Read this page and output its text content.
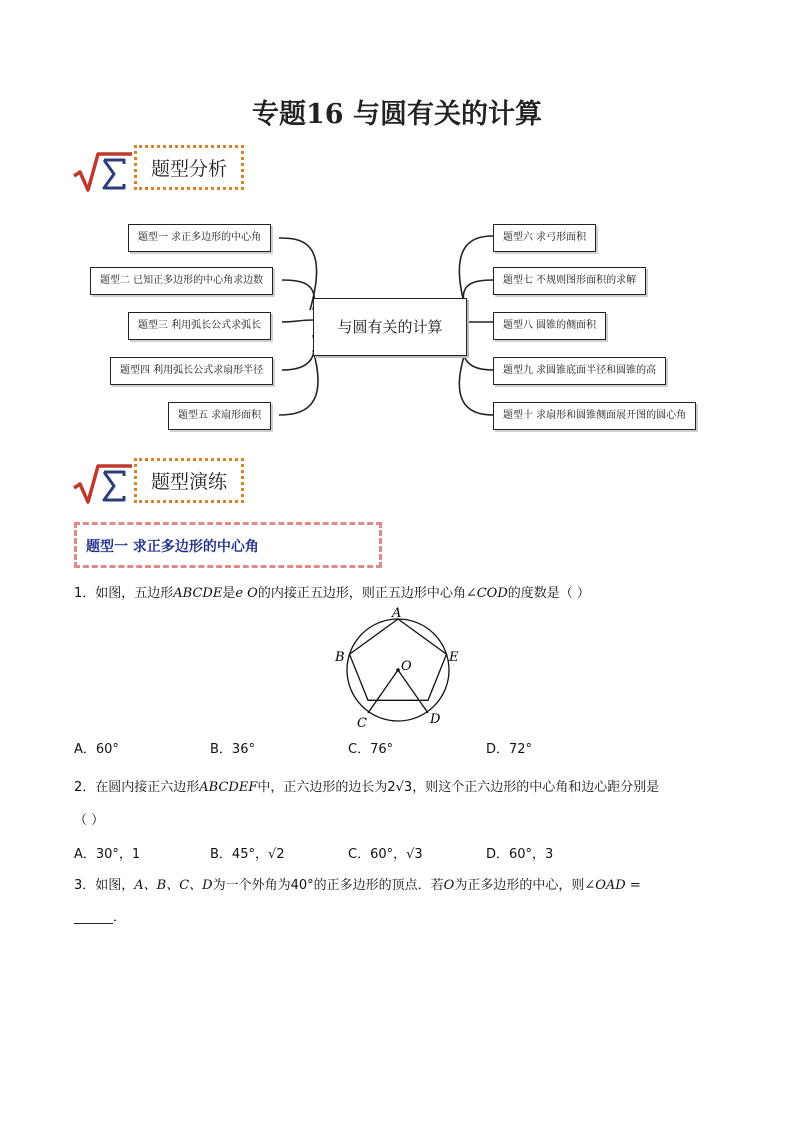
专题16 与圆有关的计算
题型分析
与圆有关的计算
题型一 求正多边形的中心角
题型二 已知正多边形的中心角求边数
题型三 利用弧长公式求弧长
题型四 利用弧长公式求扇形半径
题型五 求扇形面积
题型六 求弓形面积
题型七 不规则图形面积的求解
题型八 圆锥的侧面积
题型九 求圆锥底面半径和圆锥的高
题型十 求扇形和圆锥侧面展开图的圆心角
题型演练
题型一 求正多边形的中心角
1．如图，五边形ABCDE是e O的内接正五边形，则正五边形中心角∠COD的度数是（ ）
A
B
C	D
E
O
A．60°	B．36°	C．76°	D．72°
2．在圆内接正六边形ABCDEF中，正六边形的边长为2√3，则这个正六边形的中心角和边心距分别是
（ ）
A．30°，1	B．45°，√2	C．60°，√3	D．60°，3
3．如图，A、B、C、D为一个外角为40°的正多边形的顶点．若O为正多边形的中心，则∠OAD =
______．
